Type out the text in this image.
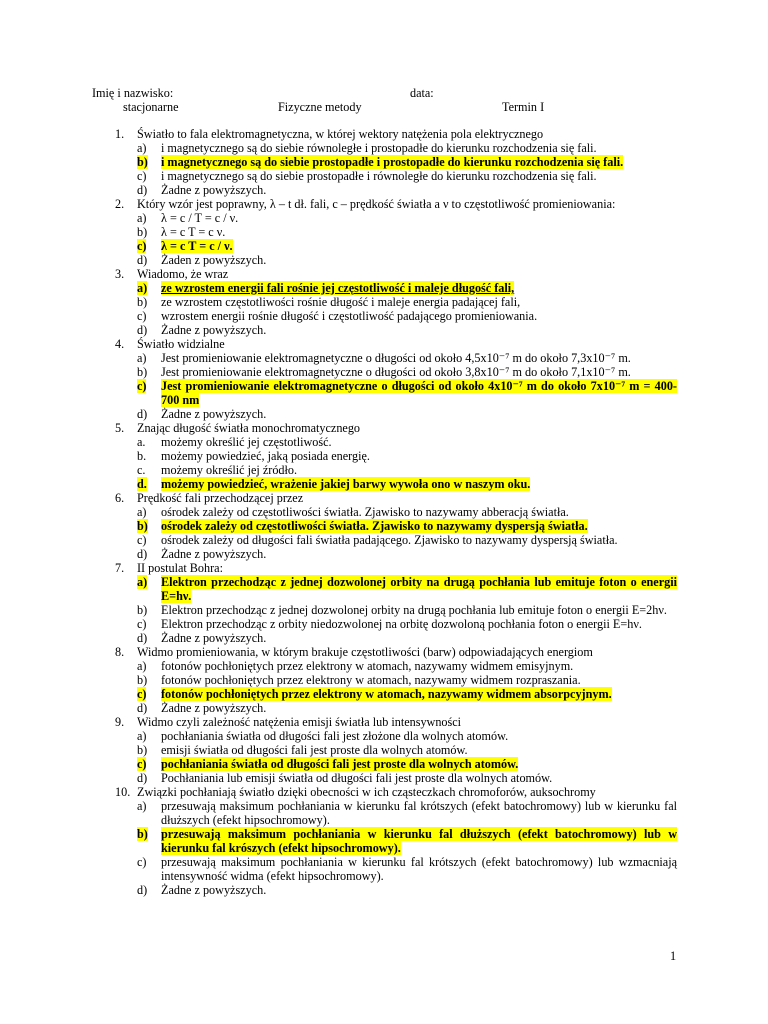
Imię i nazwisko:	data:
stacjonarne	Fizyczne metody	Termin I
1.	Światło to fala elektromagnetyczna, w której wektory natężenia pola elektrycznego
a)	i magnetycznego są do siebie równoległe i prostopadłe do kierunku rozchodzenia się fali.
b)	i magnetycznego są do siebie prostopadłe i prostopadłe do kierunku rozchodzenia się fali.
c)	i magnetycznego są do siebie prostopadłe i równoległe do kierunku rozchodzenia się fali.
d)	Żadne z powyższych.
2.	Który wzór jest poprawny, λ – t dł. fali, c – prędkość światła a ν to częstotliwość promieniowania:
a)	λ = c / T = c / ν.
b)	λ = c T = c ν.
c)	λ = c T = c / ν.
d)	Żaden z powyższych.
3.	Wiadomo, że wraz
a)	ze wzrostem energii fali rośnie jej częstotliwość i maleje długość fali,
b)	ze wzrostem częstotliwości rośnie długość i maleje energia padającej fali,
c)	wzrostem energii rośnie długość i częstotliwość padającego promieniowania.
d)	Żadne z powyższych.
4.	Światło widzialne
a)	Jest promieniowanie elektromagnetyczne o długości od około 4,5x10⁻⁷ m do około 7,3x10⁻⁷ m.
b)	Jest promieniowanie elektromagnetyczne o długości od około 3,8x10⁻⁷ m do około 7,1x10⁻⁷ m.
c)	Jest promieniowanie elektromagnetyczne o długości od około 4x10⁻⁷ m do około 7x10⁻⁷ m = 400-700 nm
d)	Żadne z powyższych.
5.	Znając długość światła monochromatycznego
a.	możemy określić jej częstotliwość.
b.	możemy powiedzieć, jaką posiada energię.
c.	możemy określić jej źródło.
d.	możemy powiedzieć, wrażenie jakiej barwy wywoła ono w naszym oku.
6.	Prędkość fali przechodzącej przez
a)	ośrodek zależy od częstotliwości światła. Zjawisko to nazywamy abberacją światła.
b)	ośrodek zależy od częstotliwości światła. Zjawisko to nazywamy dyspersją światła.
c)	ośrodek zależy od długości fali światła padającego. Zjawisko to nazywamy dyspersją światła.
d)	Żadne z powyższych.
7.	II postulat Bohra:
a)	Elektron przechodząc z jednej dozwolonej orbity na drugą pochłania lub emituje foton o energii E=hν.
b)	Elektron przechodząc z jednej dozwolonej orbity na drugą pochłania lub emituje foton o energii E=2hν.
c)	Elektron przechodząc z orbity niedozwolonej na orbitę dozwoloną pochłania foton o energii E=hν.
d)	Żadne z powyższych.
8.	Widmo promieniowania, w którym brakuje częstotliwości (barw) odpowiadających energiom
a)	fotonów pochłoniętych przez elektrony w atomach, nazywamy widmem emisyjnym.
b)	fotonów pochłoniętych przez elektrony w atomach, nazywamy widmem rozpraszania.
c)	fotonów pochłoniętych przez elektrony w atomach, nazywamy widmem absorpcyjnym.
d)	Żadne z powyższych.
9.	Widmo czyli zależność natężenia emisji światła lub intensywności
a)	pochłaniania światła od długości fali jest złożone dla wolnych atomów.
b)	emisji światła od długości fali jest proste dla wolnych atomów.
c)	pochłaniania światła od długości fali jest proste dla wolnych atomów.
d)	Pochłaniania lub emisji światła od długości fali jest proste dla wolnych atomów.
10. Związki pochłaniają światło dzięki obecności w ich cząsteczkach chromoforów, auksochromy
a)	przesuwają maksimum pochłaniania w kierunku fal krótszych (efekt batochromowy) lub w kierunku fal dłuższych (efekt hipsochromowy).
b)	przesuwają maksimum pochłaniania w kierunku fal dłuższych (efekt batochromowy) lub w kierunku fal krószych (efekt hipsochromowy).
c)	przesuwają maksimum pochłaniania w kierunku fal krótszych (efekt batochromowy) lub wzmacniają intensywność widma (efekt hipsochromowy).
d)	Żadne z powyższych.
1
